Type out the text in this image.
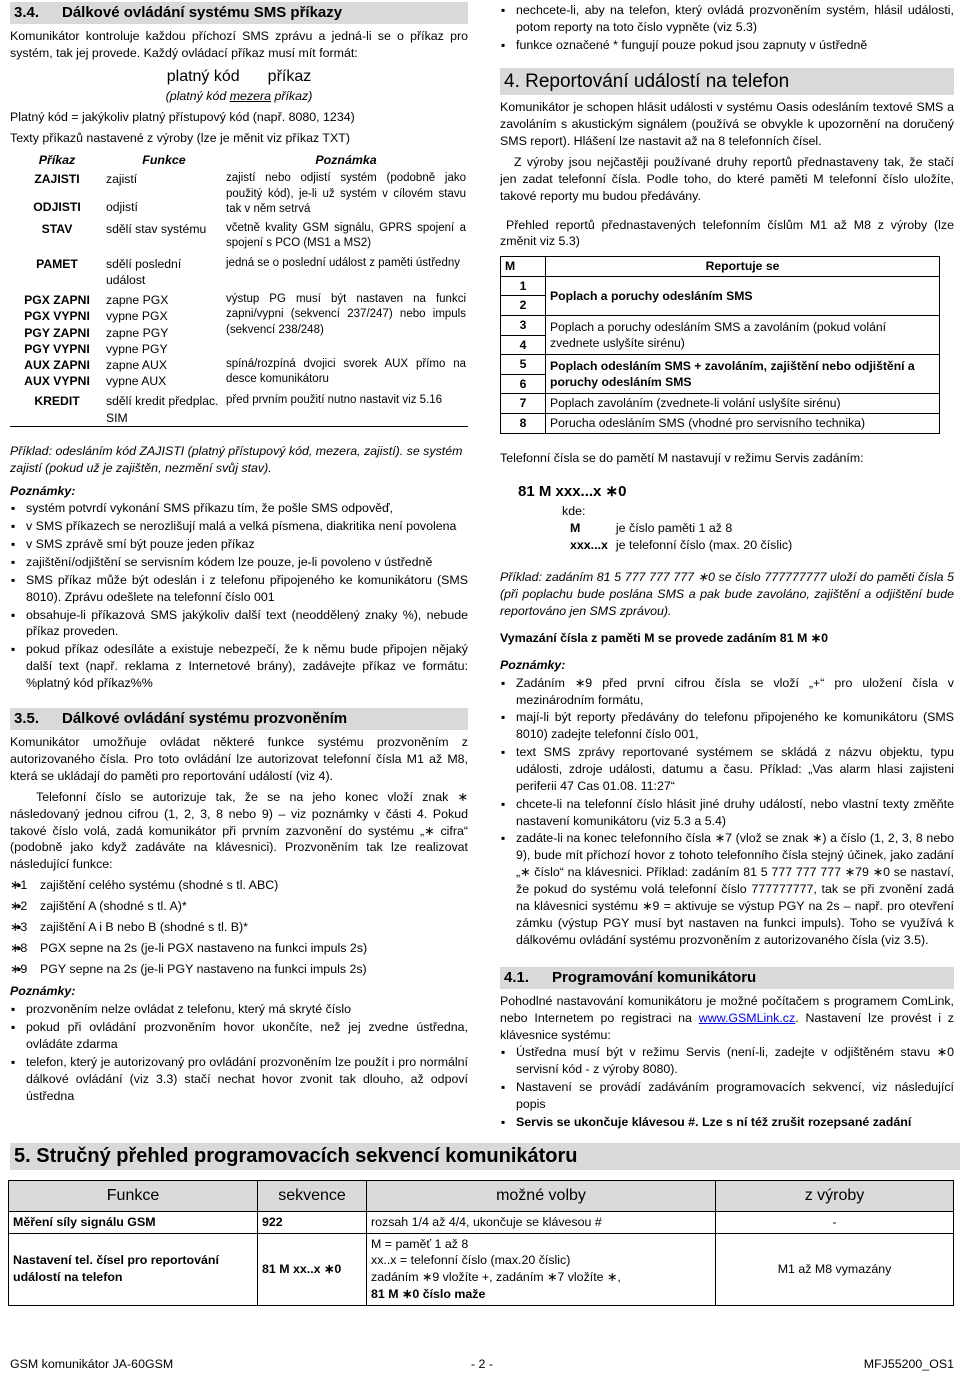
3.4. Dálkové ovládání systému SMS příkazy

Komunikátor kontroluje každou příchozí SMS zprávu a jedná-li se o příkaz pro systém, tak jej provede. Každý ovládací příkaz musí mít formát:

platný kód příkaz
(platný kód mezera příkaz)

Platný kód = jakýkoliv platný přístupový kód (např. 8080, 1234)

Texty příkazů nastavené z výroby (lze je měnit viz příkaz TXT)

Příkaz	Funkce	Poznámka
ZAJISTI	zajistí	zajistí nebo odjistí systém (podobně jako použitý kód), je-li už systém v cílovém stavu tak v něm setrvá
ODJISTI	odjistí	
STAV	sdělí stav systému	včetně kvality GSM signálu, GPRS spojení a spojení s PCO (MS1 a MS2)
PAMET	sdělí poslední událost	jedná se o poslední událost z paměti ústředny
PGX ZAPNI	zapne PGX	výstup PG musí být nastaven na funkci zapni/vypni (sekvencí 237/247) nebo impuls (sekvencí 238/248)
PGX VYPNI	vypne PGX	
PGY ZAPNI	zapne PGY	
PGY VYPNI	vypne PGY	
AUX ZAPNI	zapne AUX	spíná/rozpíná dvojici svorek AUX přímo na desce komunikátoru
AUX VYPNI	vypne AUX	
KREDIT	sdělí kredit předplac. SIM	před prvním použití nutno nastavit viz 5.16

Příklad: odesláním kód ZAJISTI (platný přístupový kód, mezera, zajistí). se systém zajistí (pokud už je zajištěn, nezmění svůj stav).

Poznámky:

▪ systém potvrdí vykonání SMS příkazu tím, že pošle SMS odpověď,
▪ v SMS příkazech se nerozlišují malá a velká písmena, diakritika není povolena
▪ v SMS zprávě smí být pouze jeden příkaz
▪ zajištění/odjištění se servisním kódem lze pouze, je-li povoleno v ústředně
▪ SMS příkaz může být odeslán i z telefonu připojeného ke komunikátoru (SMS 8010). Zprávu odešlete na telefonní číslo 001
▪ obsahuje-li příkazová SMS jakýkoliv další text (neoddělený znaky %), nebude příkaz proveden.
▪ pokud příkaz odesíláte a existuje nebezpečí, že k němu bude připojen nějaký další text (např. reklama z Internetové brány), zadávejte příkaz ve formátu: %platný kód příkaz%%
3.5. Dálkové ovládání systému prozvoněním

Komunikátor umožňuje ovládat některé funkce systému prozvoněním z autorizovaného čísla. Pro toto ovládání lze autorizovat telefonní čísla M1 až M8, která se ukládají do paměti pro reportování událostí (viz 4).

Telefonní číslo se autorizuje tak, že se na jeho konec vloží znak ∗ následovaný jednou cifrou (1, 2, 3, 8 nebo 9) – viz poznámky v části 4. Pokud takové číslo volá, zadá komunikátor při prvním zazvonění do systému „∗ cifra“ (podobně jako když zadáváte na klávesnici). Prozvoněním tak lze realizovat následující funkce:

▪ ∗1 zajištění celého systému (shodné s tl. ABC)
▪ ∗2 zajištění A (shodné s tl. A)*
▪ ∗3 zajištění A i B nebo B (shodné s tl. B)*
▪ ∗8 PGX sepne na 2s (je-li PGX nastaveno na funkci impuls 2s)
▪ ∗9 PGY sepne na 2s (je-li PGY nastaveno na funkci impuls 2s)

Poznámky:

▪ prozvoněním nelze ovládat z telefonu, který má skryté číslo
▪ pokud při ovládání prozvoněním hovor ukončíte, než jej zvedne ústředna, ovládáte zdarma
▪ telefon, který je autorizovaný pro ovládání prozvoněním lze použít i pro normální dálkové ovládání (viz 3.3) stačí nechat hovor zvonit tak dlouho, až odpoví ústředna
▪ nechcete-li, aby na telefon, který ovládá prozvoněním systém, hlásil události, potom reporty na toto číslo vypněte (viz 5.3)
▪ funkce označené * fungují pouze pokud jsou zapnuty v ústředně
4. Reportování událostí na telefon

Komunikátor je schopen hlásit události v systému Oasis odesláním textové SMS a zavoláním s akustickým signálem (používá se obvykle k upozornění na doručený SMS report). Hlášení lze nastavit až na 8 telefonních čísel.

Z výroby jsou nejčastěji používané druhy reportů přednastaveny tak, že stačí jen zadat telefonní čísla. Podle toho, do které paměti M telefonní číslo uložíte, takové reporty mu budou předávány.

Přehled reportů přednastavených telefonním číslům M1 až M8 z výroby (lze změnit viz 5.3)

M	Reportuje se
1	Poplach a poruchy odesláním SMS
2	
3	Poplach a poruchy odesláním SMS a zavoláním (pokud volání zvednete uslyšíte sirénu)
4	
5	Poplach odesláním SMS + zavoláním, zajištění nebo odjištění a poruchy odesláním SMS
6	
7	Poplach zavoláním (zvednete-li volání uslyšíte sirénu)
8	Porucha odesláním SMS (vhodné pro servisního technika)

Telefonní čísla se do pamětí M nastavují v režimu Servis zadáním:

81 M xxx...x ∗0

kde:

M	je číslo paměti 1 až 8
xxx...x	je telefonní číslo (max. 20 číslic)

Příklad: zadáním 81 5 777 777 777 ∗0 se číslo 777777777 uloží do paměti čísla 5 (při poplachu bude poslána SMS a pak bude zavoláno, zajištění a odjištění bude reportováno jen SMS zprávou).

Vymazání čísla z paměti M se provede zadáním 81 M ∗0

Poznámky:

▪ Zadáním ∗9 před první cifrou čísla se vloží „+“ pro uložení čísla v mezinárodním formátu,
▪ mají-li být reporty předávány do telefonu připojeného ke komunikátoru (SMS 8010) zadejte telefonní číslo 001,
▪ text SMS zprávy reportované systémem se skládá z názvu objektu, typu události, zdroje události, datumu a času. Příklad: „Vas alarm hlasi zajisteni periferii 47 Cas 01.08. 11:27“
▪ chcete-li na telefonní číslo hlásit jiné druhy událostí, nebo vlastní texty změňte nastavení komunikátoru (viz 5.3 a 5.4)
▪ zadáte-li na konec telefonního čísla ∗7 (vlož se znak ∗) a číslo (1, 2, 3, 8 nebo 9), bude mít příchozí hovor z tohoto telefonního čísla stejný účinek, jako zadání „∗ číslo“ na klávesnici. Příklad: zadáním 81 5 777 777 777 ∗79 ∗0 se nastaví, že pokud do systému volá telefonní číslo 777777777, tak se při zvonění zadá na klávesnici systému ∗9 = aktivuje se výstup PGY na 2s – např. pro otevření zámku (výstup PGY musí byt nastaven na funkci impuls). Toho se využívá k dálkovému ovládání systému prozvoněním z autorizovaného čísla (viz 3.5).
4.1. Programování komunikátoru

Pohodlné nastavování komunikátoru je možné počítačem s programem ComLink, nebo Internetem po registraci na www.GSMLink.cz. Nastavení lze provést i z klávesnice systému:

▪ Ústředna musí být v režimu Servis (není-li, zadejte v odjištěném stavu ∗0 servisní kód - z výroby 8080).
▪ Nastavení se provádí zadáváním programovacích sekvencí, viz následující popis
▪ Servis se ukončuje klávesou #. Lze s ní též zrušit rozepsané zadání
5. Stručný přehled programovacích sekvencí komunikátoru
Funkce	sekvence	možné volby	z výroby
Měření síly signálu GSM	922	rozsah 1/4 až 4/4, ukončuje se klávesou #	-
Nastavení tel. čísel pro reportování událostí na telefon	81 M xx..x ∗0	M = paměť 1 až 8
xx..x = telefonní číslo (max.20 číslic)
zadáním ∗9 vložíte +, zadáním ∗7 vložíte ∗,
81 M ∗0 číslo maže	M1 až M8 vymazány
GSM komunikátor JA-60GSM	- 2 -	MFJ55200_OS1
